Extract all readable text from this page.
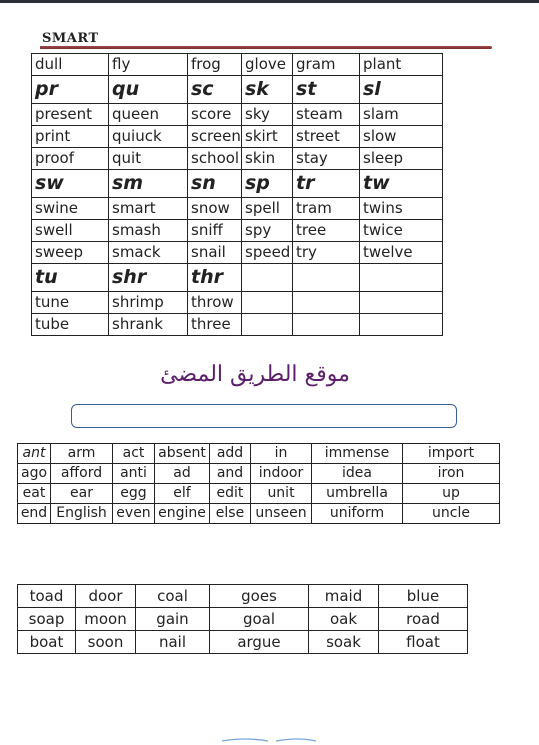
SMART
dull	fly	frog	glove	gram	plant
pr	qu	sc	sk	st	sl
present	queen	score	sky	steam	slam
print	quiuck	screen	skirt	street	slow
proof	quit	school	skin	stay	sleep
sw	sm	sn	sp	tr	tw
swine	smart	snow	spell	tram	twins
swell	smash	sniff	spy	tree	twice
sweep	smack	snail	speed	try	twelve
tu	shr	thr			
tune	shrimp	throw			
tube	shrank	three			
موقع الطريق المضئ
ant	arm	act	absent	add	in	immense	import
ago	afford	anti	ad	and	indoor	idea	iron
eat	ear	egg	elf	edit	unit	umbrella	up
end	English	even	engine	else	unseen	uniform	uncle
toad	door	coal	goes	maid	blue
soap	moon	gain	goal	oak	road
boat	soon	nail	argue	soak	float
